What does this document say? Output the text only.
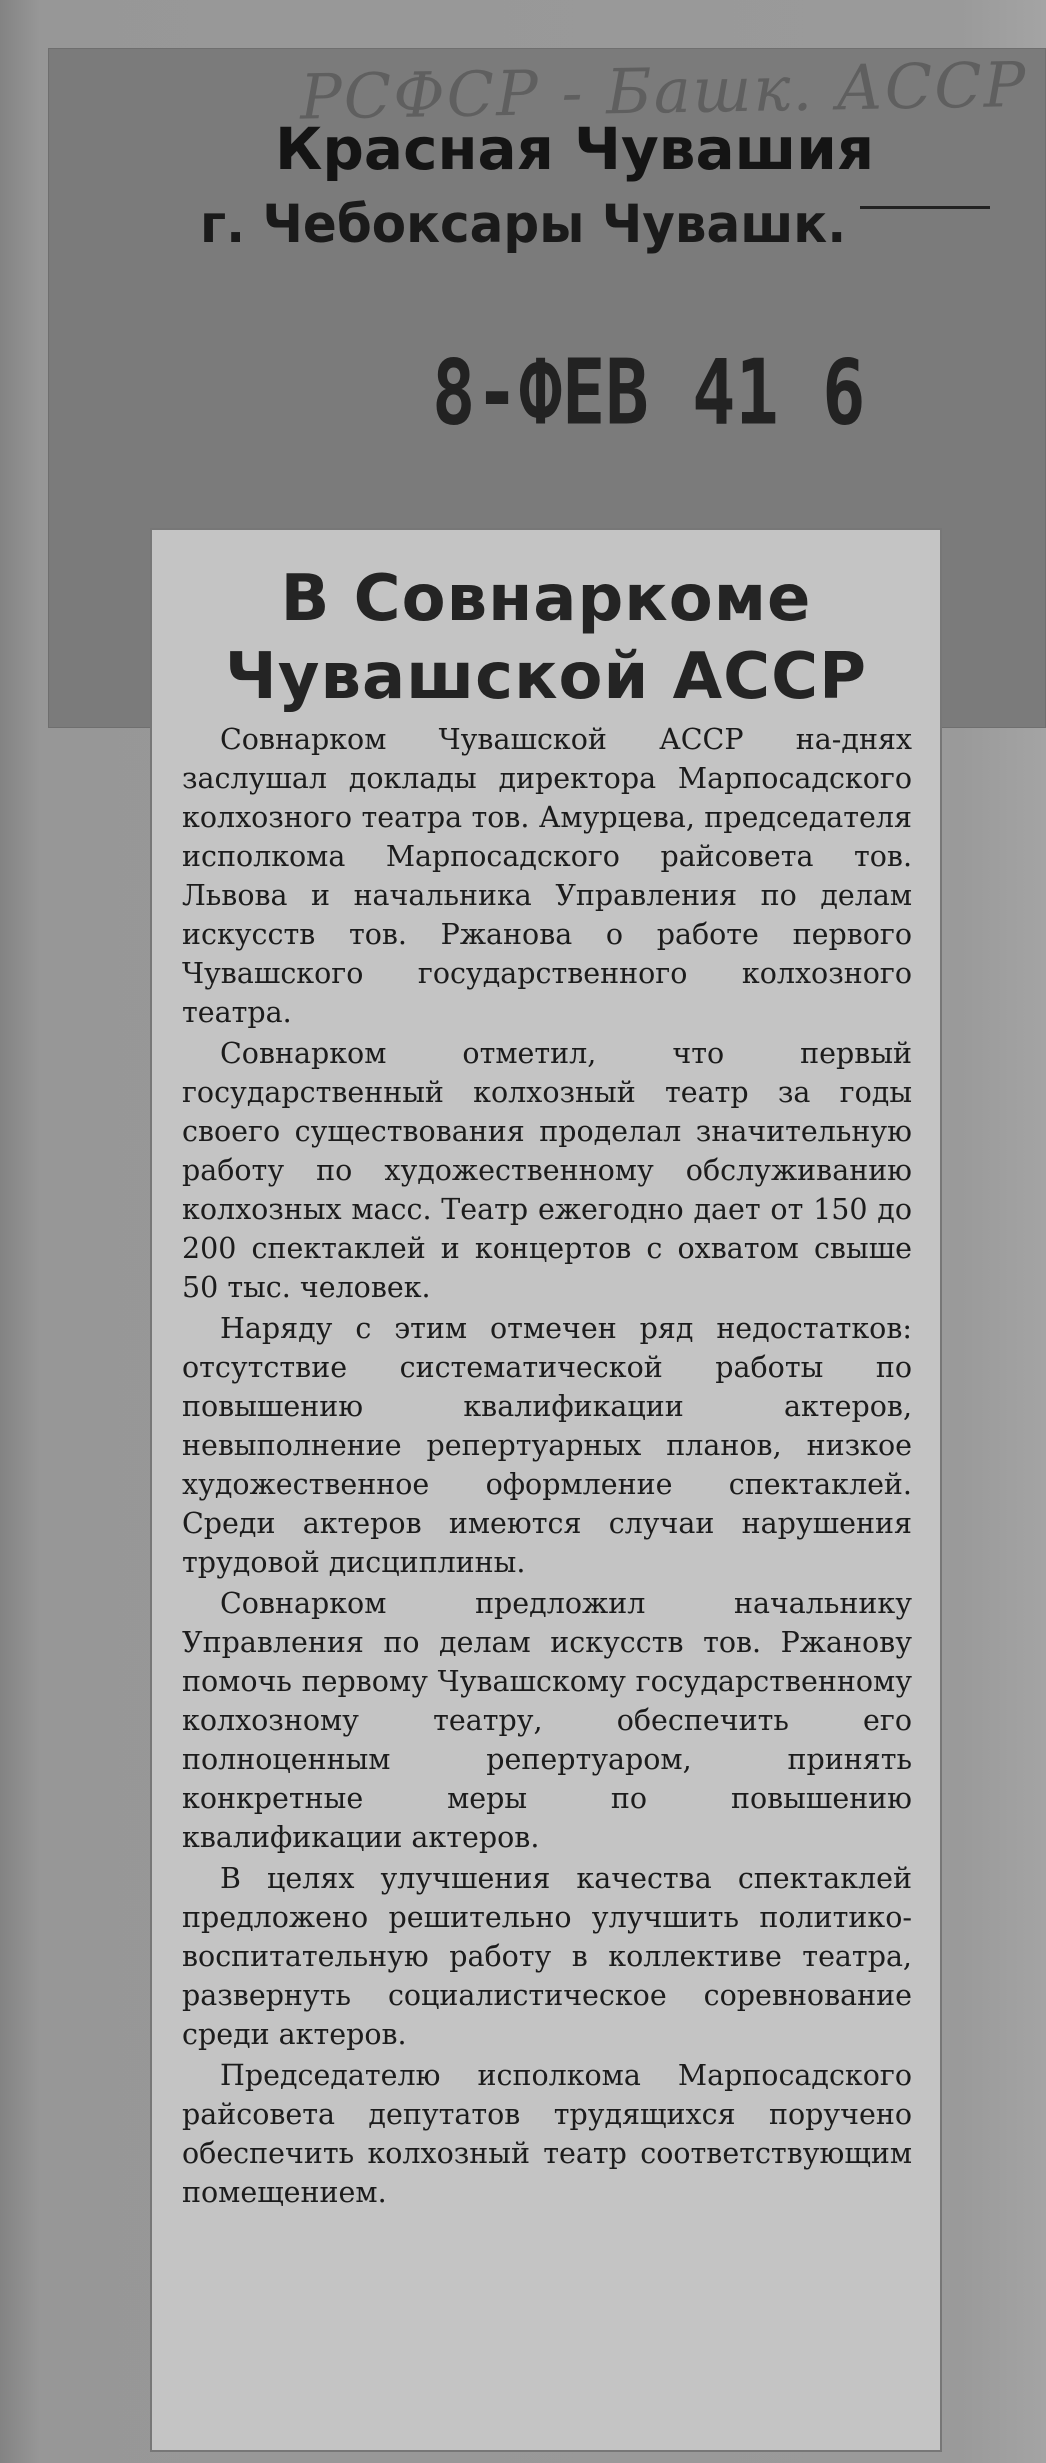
РСФСР - Башк. АССР
Красная Чувашия
г. Чебоксары Чувашк.
8-ФЕВ 41 6
В Совнаркоме
Чувашской АССР

Совнарком Чувашской АССР на-днях заслушал доклады директора Марпосадского колхозного театра тов. Амурцева, председателя исполкома Марпосадского райсовета тов. Львова и начальника Управления по делам искусств тов. Ржанова о работе первого Чувашского государственного колхозного театра.

Совнарком отметил, что первый государственный колхозный театр за годы своего существования проделал значительную работу по художественному обслуживанию колхозных масс. Театр ежегодно дает от 150 до 200 спектаклей и концертов с охватом свыше 50 тыс. человек.

Наряду с этим отмечен ряд недостатков: отсутствие систематической работы по повышению квалификации актеров, невыполнение репертуарных планов, низкое художественное оформление спектаклей. Среди актеров имеются случаи нарушения трудовой дисциплины.

Совнарком предложил начальнику Управления по делам искусств тов. Ржанову помочь первому Чувашскому государственному колхозному театру, обеспечить его полноценным репертуаром, принять конкретные меры по повышению квалификации актеров.

В целях улучшения качества спектаклей предложено решительно улучшить политико-воспитательную работу в коллективе театра, развернуть социалистическое соревнование среди актеров.

Председателю исполкома Марпосадского райсовета депутатов трудящихся поручено обеспечить колхозный театр соответствующим помещением.
